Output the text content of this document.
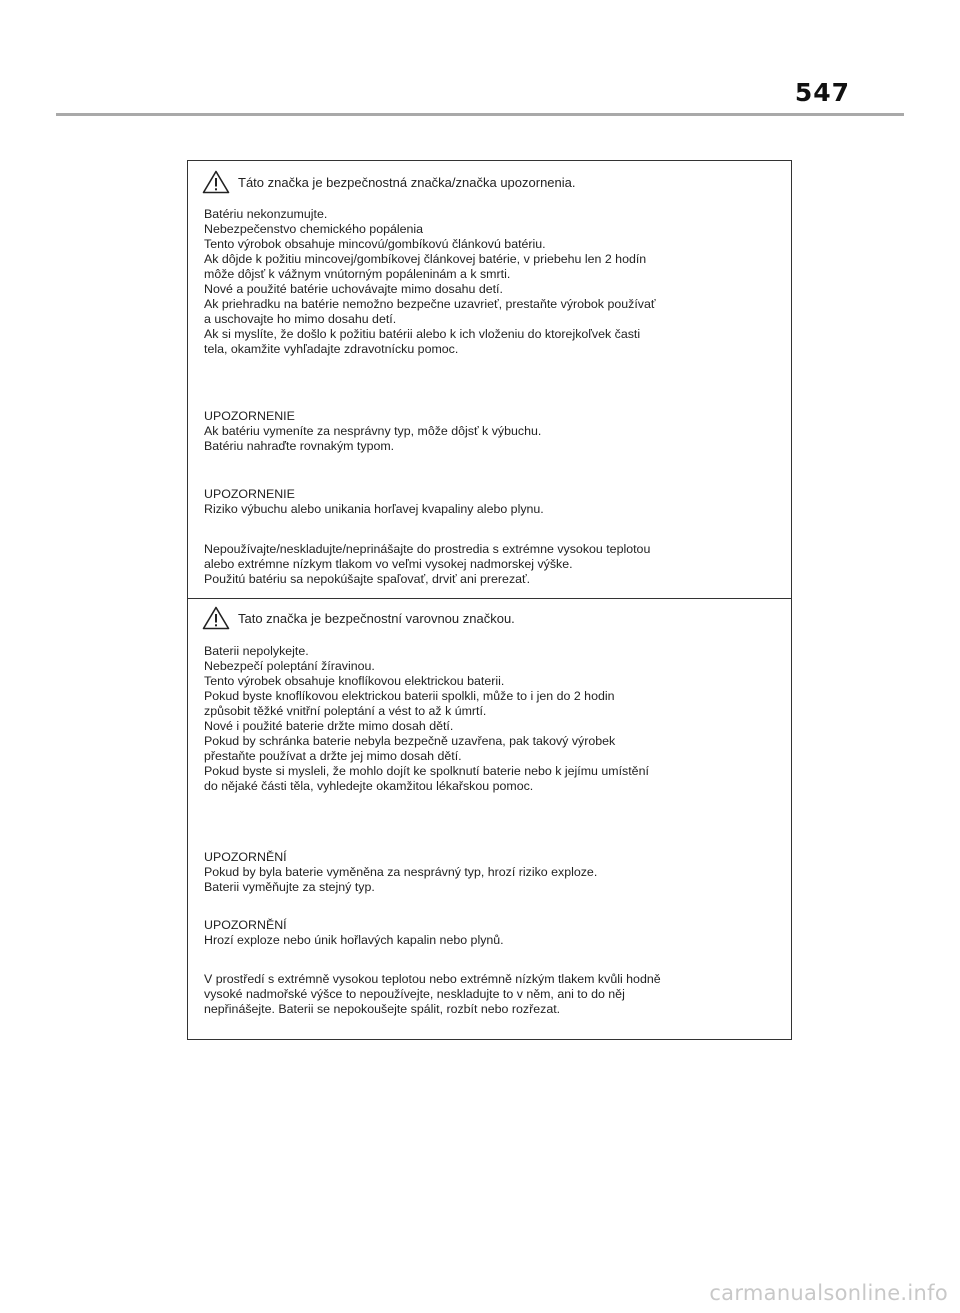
547
Táto značka je bezpečnostná značka/značka upozornenia.
Batériu nekonzumujte.
Nebezpečenstvo chemického popálenia
Tento výrobok obsahuje mincovú/gombíkovú článkovú batériu.
Ak dôjde k požitiu mincovej/gombíkovej článkovej batérie, v priebehu len 2 hodín
môže dôjsť k vážnym vnútorným popáleninám a k smrti.
Nové a použité batérie uchovávajte mimo dosahu detí.
Ak priehradku na batérie nemožno bezpečne uzavrieť, prestaňte výrobok používať
a uschovajte ho mimo dosahu detí.
Ak si myslíte, že došlo k požitiu batérii alebo k ich vloženiu do ktorejkoľvek časti
tela, okamžite vyhľadajte zdravotnícku pomoc.
UPOZORNENIE
Ak batériu vymeníte za nesprávny typ, môže dôjsť k výbuchu.
Batériu nahraďte rovnakým typom.
UPOZORNENIE
Riziko výbuchu alebo unikania horľavej kvapaliny alebo plynu.
Nepoužívajte/neskladujte/neprinášajte do prostredia s extrémne vysokou teplotou
alebo extrémne nízkym tlakom vo veľmi vysokej nadmorskej výške.
Použitú batériu sa nepokúšajte spaľovať, drviť ani prerezať.
Tato značka je bezpečnostní varovnou značkou.
Baterii nepolykejte.
Nebezpečí poleptání žíravinou.
Tento výrobek obsahuje knoflíkovou elektrickou baterii.
Pokud byste knoflíkovou elektrickou baterii spolkli, může to i jen do 2 hodin
způsobit těžké vnitřní poleptání a vést to až k úmrtí.
Nové i použité baterie držte mimo dosah dětí.
Pokud by schránka baterie nebyla bezpečně uzavřena, pak takový výrobek
přestaňte používat a držte jej mimo dosah dětí.
Pokud byste si mysleli, že mohlo dojít ke spolknutí baterie nebo k jejímu umístění
do nějaké části těla, vyhledejte okamžitou lékařskou pomoc.
UPOZORNĚNÍ
Pokud by byla baterie vyměněna za nesprávný typ, hrozí riziko exploze.
Baterii vyměňujte za stejný typ.
UPOZORNĚNÍ
Hrozí exploze nebo únik hořlavých kapalin nebo plynů.
V prostředí s extrémně vysokou teplotou nebo extrémně nízkým tlakem kvůli hodně
vysoké nadmořské výšce to nepoužívejte, neskladujte to v něm, ani to do něj
nepřinášejte. Baterii se nepokoušejte spálit, rozbít nebo rozřezat.
carmanualsonline.info
